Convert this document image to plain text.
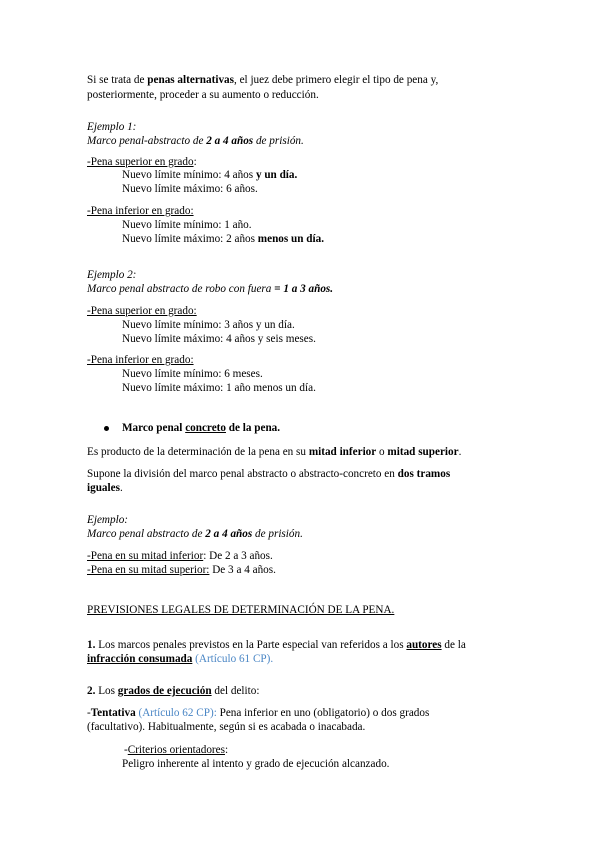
Si se trata de penas alternativas, el juez debe primero elegir el tipo de pena y,
posteriormente, proceder a su aumento o reducción.
Ejemplo 1:
Marco penal-abstracto de 2 a 4 años de prisión.
-Pena superior en grado:
Nuevo límite mínimo: 4 años y un día.
Nuevo límite máximo: 6 años.
-Pena inferior en grado:
Nuevo límite mínimo: 1 año.
Nuevo límite máximo: 2 años menos un día.
Ejemplo 2:
Marco penal abstracto de robo con fuera = 1 a 3 años.
-Pena superior en grado:
Nuevo límite mínimo: 3 años y un día.
Nuevo límite máximo: 4 años y seis meses.
-Pena inferior en grado:
Nuevo límite mínimo: 6 meses.
Nuevo límite máximo: 1 año menos un día.
Marco penal concreto de la pena.
Es producto de la determinación de la pena en su mitad inferior o mitad superior.
Supone la división del marco penal abstracto o abstracto-concreto en dos tramos
iguales.
Ejemplo:
Marco penal abstracto de 2 a 4 años de prisión.
-Pena en su mitad inferior: De 2 a 3 años.
-Pena en su mitad superior: De 3 a 4 años.
PREVISIONES LEGALES DE DETERMINACIÓN DE LA PENA.
1. Los marcos penales previstos en la Parte especial van referidos a los autores de la
infracción consumada (Artículo 61 CP).
2. Los grados de ejecución del delito:
-Tentativa (Artículo 62 CP): Pena inferior en uno (obligatorio) o dos grados
(facultativo). Habitualmente, según si es acabada o inacabada.
-Criterios orientadores:
Peligro inherente al intento y grado de ejecución alcanzado.
